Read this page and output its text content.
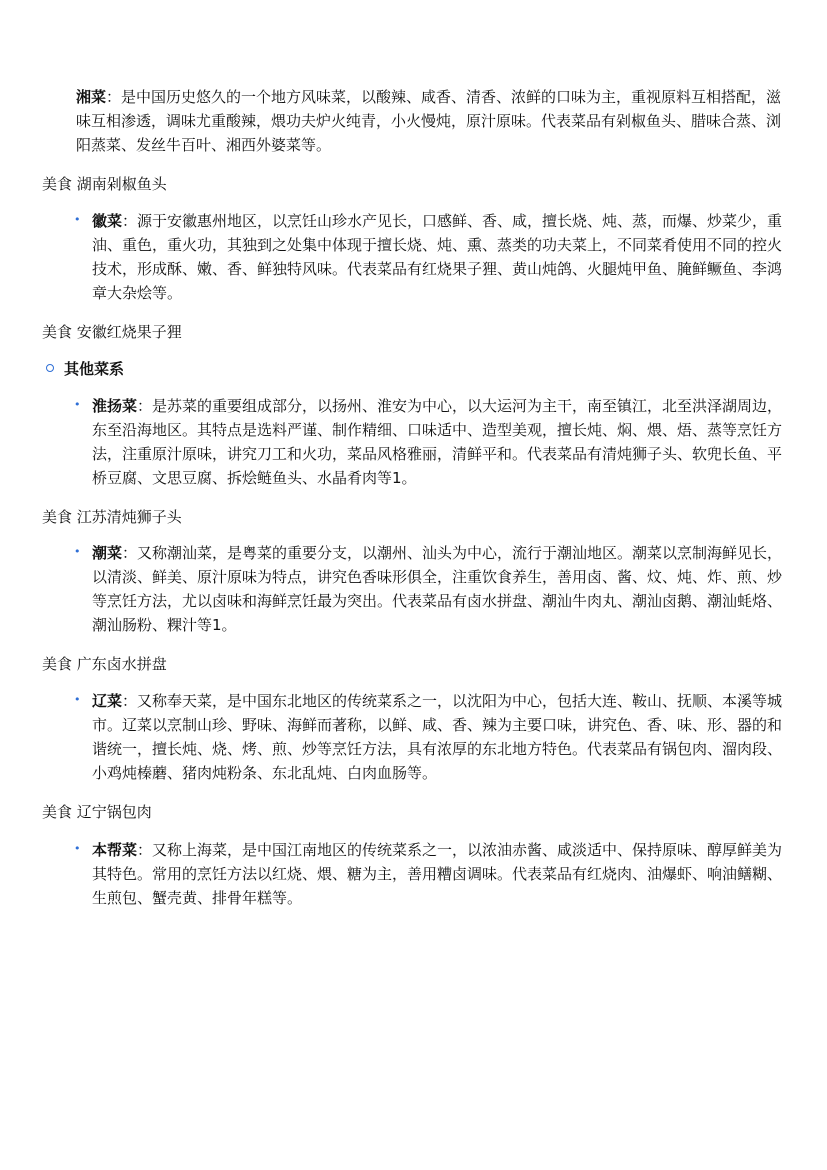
湘菜：是中国历史悠久的一个地方风味菜，以酸辣、咸香、清香、浓鲜的口味为主，重视原料互相搭配，滋味互相渗透，调味尤重酸辣，煨功夫炉火纯青，小火慢炖，原汁原味。代表菜品有剁椒鱼头、腊味合蒸、浏阳蒸菜、发丝牛百叶、湘西外婆菜等。
美食 湖南剁椒鱼头
• 徽菜：源于安徽惠州地区，以烹饪山珍水产见长，口感鲜、香、咸，擅长烧、炖、蒸，而爆、炒菜少，重油、重色，重火功，其独到之处集中体现于擅长烧、炖、熏、蒸类的功夫菜上，不同菜肴使用不同的控火技术，形成酥、嫩、香、鲜独特风味。代表菜品有红烧果子狸、黄山炖鸽、火腿炖甲鱼、腌鲜鳜鱼、李鸿章大杂烩等。
美食 安徽红烧果子狸
其他菜系
• 淮扬菜：是苏菜的重要组成部分，以扬州、淮安为中心，以大运河为主干，南至镇江，北至洪泽湖周边，东至沿海地区。其特点是选料严谨、制作精细、口味适中、造型美观，擅长炖、焖、煨、焐、蒸等烹饪方法，注重原汁原味，讲究刀工和火功，菜品风格雅丽，清鲜平和。代表菜品有清炖狮子头、软兜长鱼、平桥豆腐、文思豆腐、拆烩鲢鱼头、水晶肴肉等1。
美食 江苏清炖狮子头
• 潮菜：又称潮汕菜，是粤菜的重要分支，以潮州、汕头为中心，流行于潮汕地区。潮菜以烹制海鲜见长，以清淡、鲜美、原汁原味为特点，讲究色香味形俱全，注重饮食养生，善用卤、酱、炆、炖、炸、煎、炒等烹饪方法，尤以卤味和海鲜烹饪最为突出。代表菜品有卤水拼盘、潮汕牛肉丸、潮汕卤鹅、潮汕蚝烙、潮汕肠粉、粿汁等1。
美食 广东卤水拼盘
• 辽菜：又称奉天菜，是中国东北地区的传统菜系之一，以沈阳为中心，包括大连、鞍山、抚顺、本溪等城市。辽菜以烹制山珍、野味、海鲜而著称，以鲜、咸、香、辣为主要口味，讲究色、香、味、形、器的和谐统一，擅长炖、烧、烤、煎、炒等烹饪方法，具有浓厚的东北地方特色。代表菜品有锅包肉、溜肉段、小鸡炖榛蘑、猪肉炖粉条、东北乱炖、白肉血肠等。
美食 辽宁锅包肉
• 本帮菜：又称上海菜，是中国江南地区的传统菜系之一，以浓油赤酱、咸淡适中、保持原味、醇厚鲜美为其特色。常用的烹饪方法以红烧、煨、糖为主，善用糟卤调味。代表菜品有红烧肉、油爆虾、响油鳝糊、生煎包、蟹壳黄、排骨年糕等。
